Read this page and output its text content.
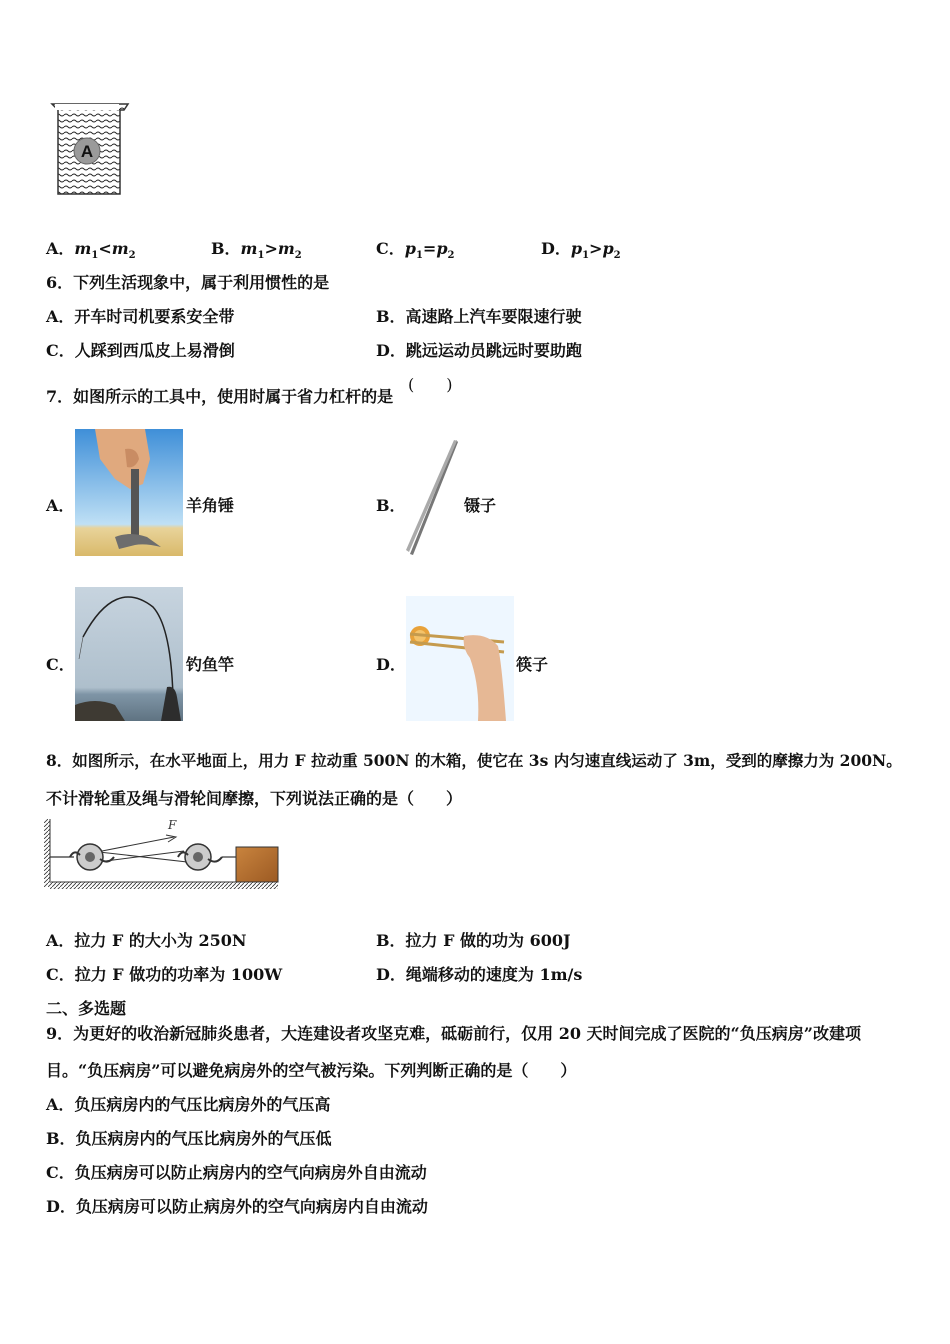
A
A．$m_1<m_2$	B．$m_1>m_2$	C．$p_1=p_2$	D．$p_1>p_2$
6．下列生活现象中，属于利用惯性的是
A．开车时司机要系安全带	B．高速路上汽车要限速行驶
C．人踩到西瓜皮上易滑倒	D．跳远运动员跳远时要助跑
7．如图所示的工具中，使用时属于省力杠杆的是
(　　)
A．	羊角锤	B．	镊子
C．	钓鱼竿	D．	筷子
8．如图所示，在水平地面上，用力 F 拉动重 500N 的木箱，使它在 3s 内匀速直线运动了 3m，受到的摩擦力为 200N。
不计滑轮重及绳与滑轮间摩擦，下列说法正确的是（　　）
F
A．拉力 F 的大小为 250N	B．拉力 F 做的功为 600J
C．拉力 F 做功的功率为 100W	D．绳端移动的速度为 1m/s
二、多选题
9．为更好的收治新冠肺炎患者，大连建设者攻坚克难，砥砺前行，仅用 20 天时间完成了医院的“负压病房”改建项
目。“负压病房”可以避免病房外的空气被污染。下列判断正确的是（　　）
A．负压病房内的气压比病房外的气压高
B．负压病房内的气压比病房外的气压低
C．负压病房可以防止病房内的空气向病房外自由流动
D．负压病房可以防止病房外的空气向病房内自由流动
